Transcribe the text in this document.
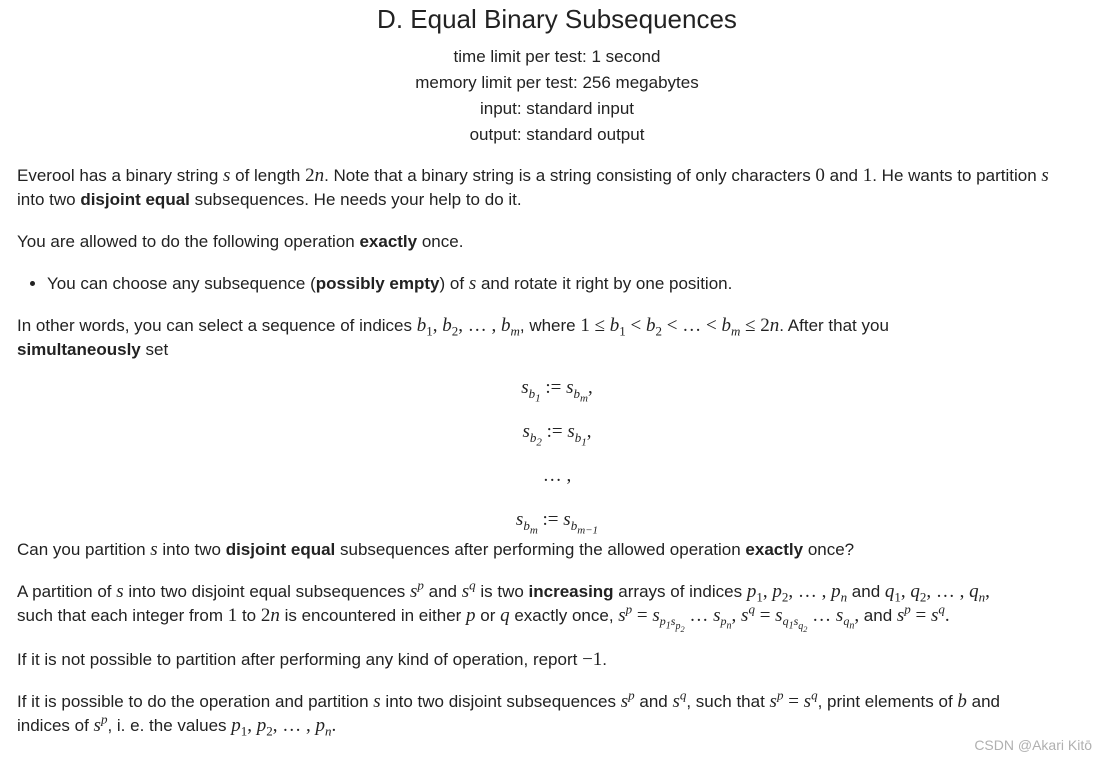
D. Equal Binary Subsequences
time limit per test: 1 second
memory limit per test: 256 megabytes
input: standard input
output: standard output

Everool has a binary string s of length 2n. Note that a binary string is a string consisting of only characters 0 and 1. He wants to partition s
into two disjoint equal subsequences. He needs your help to do it.

You are allowed to do the following operation exactly once.

• You can choose any subsequence (possibly empty) of s and rotate it right by one position.

In other words, you can select a sequence of indices $b_1$, $b_2$, … , $b_m$, where $1 \le b_1 < b_2$ < … < $b_m \le 2n$. After that you
simultaneously set

$s_{b_1}$ := $s_{b_m}$,
$s_{b_2}$ := $s_{b_1}$,
… ,
$s_{b_m}$ := $s_{b_{m-1}}$

Can you partition s into two disjoint equal subsequences after performing the allowed operation exactly once?

A partition of s into two disjoint equal subsequences $s^p$ and $s^q$ is two increasing arrays of indices $p_1$, $p_2$, … , $p_n$ and $q_1$, $q_2$, … , $q_n$,
such that each integer from 1 to 2n is encountered in either p or q exactly once, $s^p = s_{p_1s_{p_2}}$ … $s_{p_n}$, $s^q = s_{q_1s_{q_2}}$ … $s_{q_n}$, and $s^p = s^q$.

If it is not possible to partition after performing any kind of operation, report −1.

If it is possible to do the operation and partition s into two disjoint subsequences $s^p$ and $s^q$, such that $s^p = s^q$, print elements of b and
indices of $s^p$, i. e. the values $p_1$, $p_2$, … , $p_n$.

CSDN @Akari Kitō
